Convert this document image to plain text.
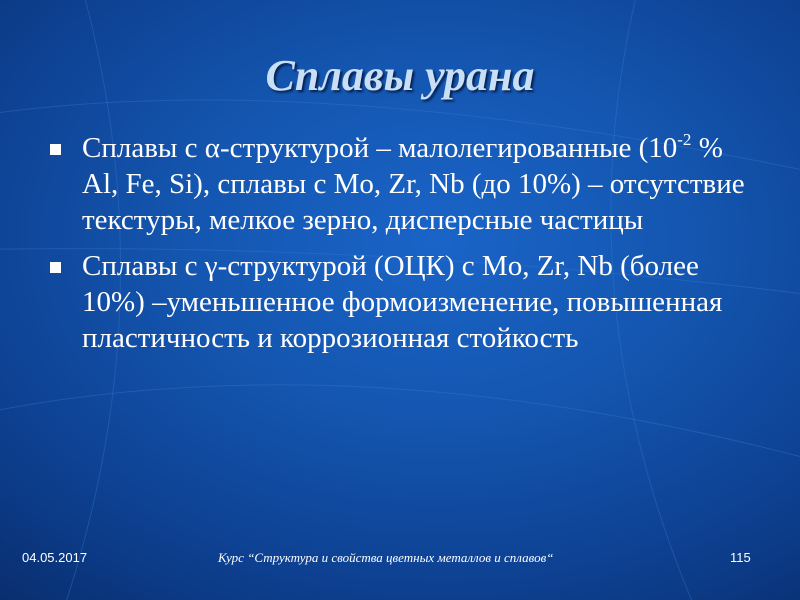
Сплавы урана
Сплавы с α-структурой – малолегированные ($10^{-2}$ % Al, Fe, Si), сплавы с Mo, Zr, Nb (до 10%) – отсутствие текстуры, мелкое зерно, дисперсные частицы
Сплавы с γ-структурой (ОЦК) с Mo, Zr, Nb (более 10%) –уменьшенное формоизменение, повышенная пластичность и коррозионная стойкость
04.05.2017	Курс “Структура и свойства цветных металлов и сплавов“	115
